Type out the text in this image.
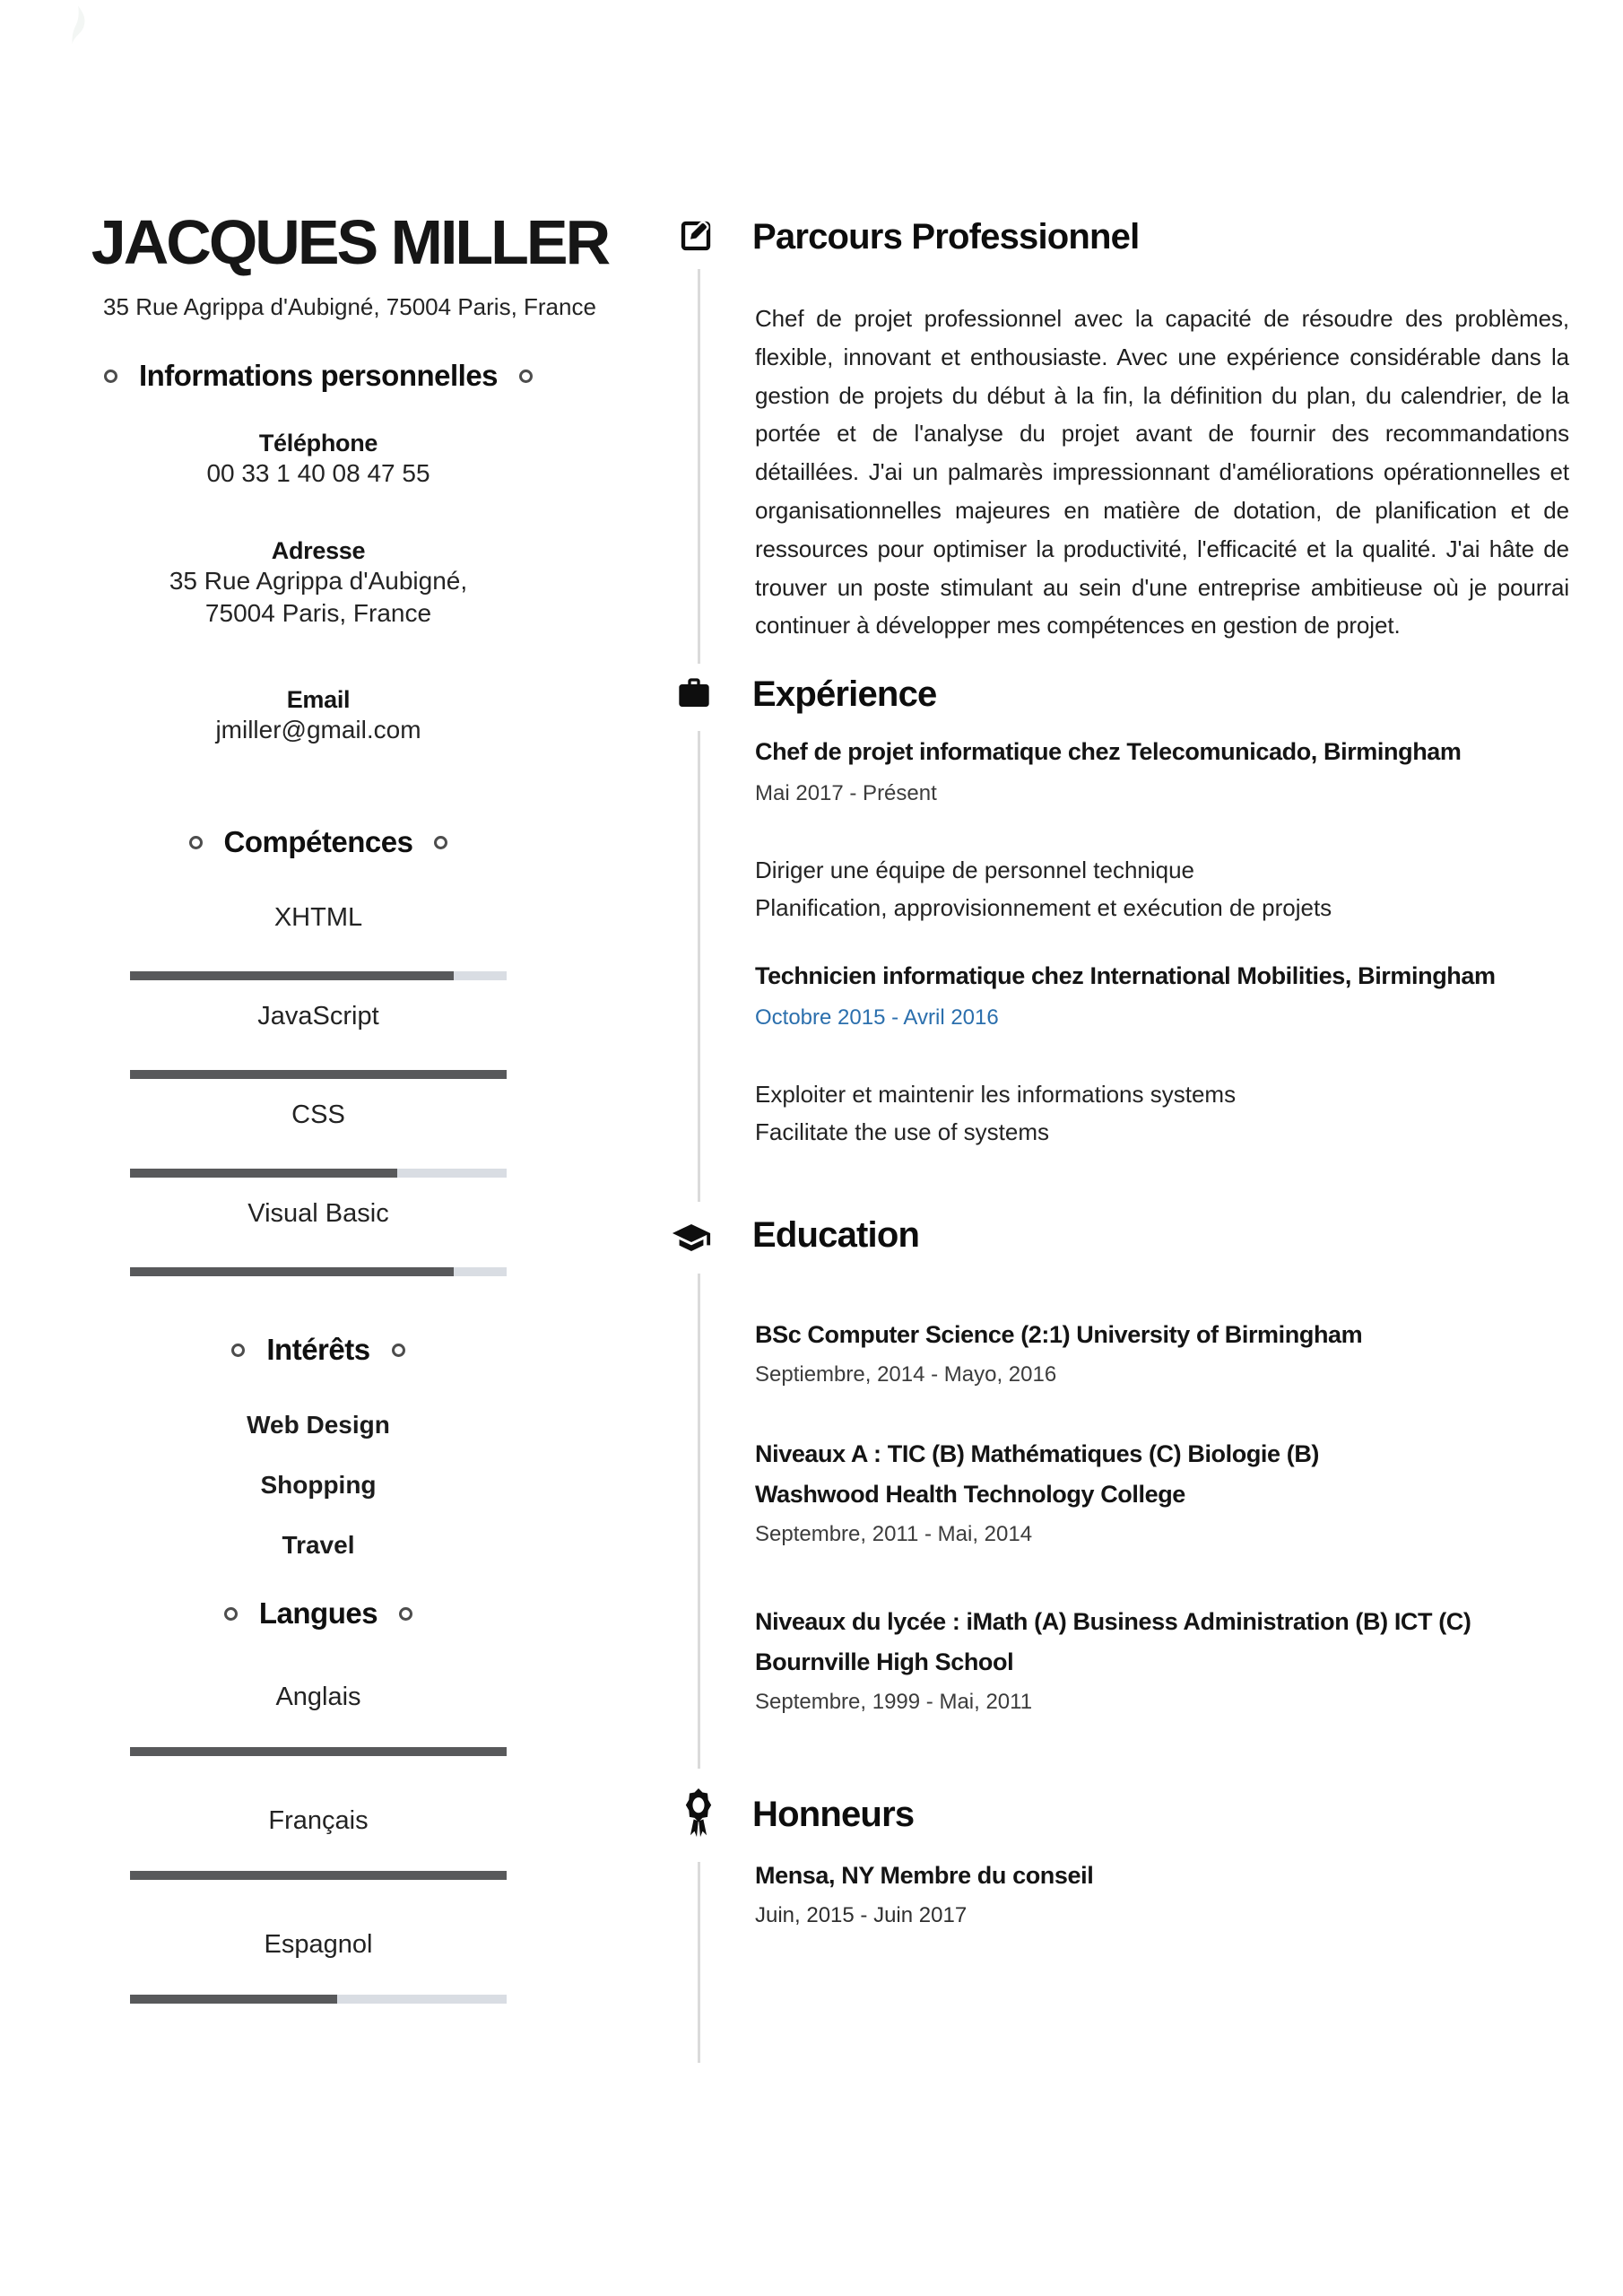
JACQUES MILLER
35 Rue Agrippa d'Aubigné, 75004 Paris, France
Informations personnelles
Téléphone
00 33 1 40 08 47 55
Adresse
35 Rue Agrippa d'Aubigné,
75004 Paris, France
Email
jmiller@gmail.com
Compétences
XHTML
JavaScript
CSS
Visual Basic
Intérêts
Web Design
Shopping
Travel
Langues
Anglais
Français
Espagnol
Parcours Professionnel

Chef de projet professionnel avec la capacité de résoudre des problèmes, flexible, innovant et enthousiaste. Avec une expérience considérable dans la gestion de projets du début à la fin, la définition du plan, du calendrier, de la portée et de l'analyse du projet avant de fournir des recommandations détaillées. J'ai un palmarès impressionnant d'améliorations opérationnelles et organisationnelles majeures en matière de dotation, de planification et de ressources pour optimiser la productivité, l'efficacité et la qualité. J'ai hâte de trouver un poste stimulant au sein d'une entreprise ambitieuse où je pourrai continuer à développer mes compétences en gestion de projet.

Expérience
Chef de projet informatique chez Telecomunicado, Birmingham
Mai 2017 - Présent
Diriger une équipe de personnel technique
Planification, approvisionnement et exécution de projets
Technicien informatique chez International Mobilities, Birmingham
Octobre 2015 - Avril 2016
Exploiter et maintenir les informations systems
Facilitate the use of systems
Education
BSc Computer Science (2:1) University of Birmingham
Septiembre, 2014 - Mayo, 2016
Niveaux A : TIC (B) Mathématiques (C) Biologie (B)
Washwood Health Technology College
Septembre, 2011 - Mai, 2014
Niveaux du lycée : iMath (A) Business Administration (B) ICT (C)
Bournville High School
Septembre, 1999 - Mai, 2011
Honneurs
Mensa, NY Membre du conseil
Juin, 2015 - Juin 2017
